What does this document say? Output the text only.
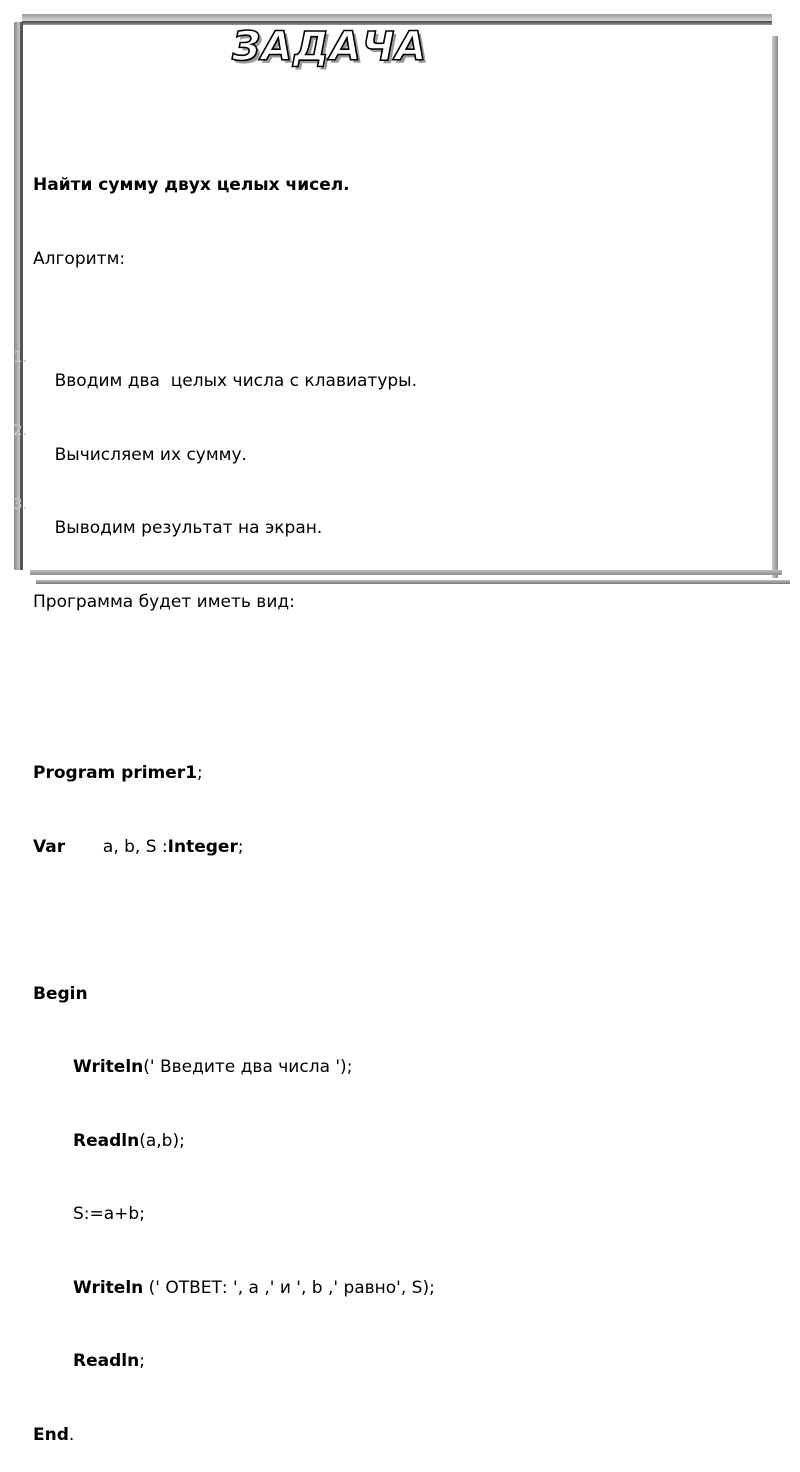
ЗАДАЧА

Найти сумму двух целых чисел.

Алгоритм:

1.
Вводим два  целых числа с клавиатуры.

2.
Вычисляем их сумму.

3.
Выводим результат на экран.

Программа будет иметь вид:

Program primer1;

Var       a, b, S :Integer;

Begin

Writeln(' Введите два числа ');

Readln(a,b);

S:=a+b;

Writeln (' ОТВЕТ: ', a ,' и ', b ,' равно', S);

Readln;

End.
